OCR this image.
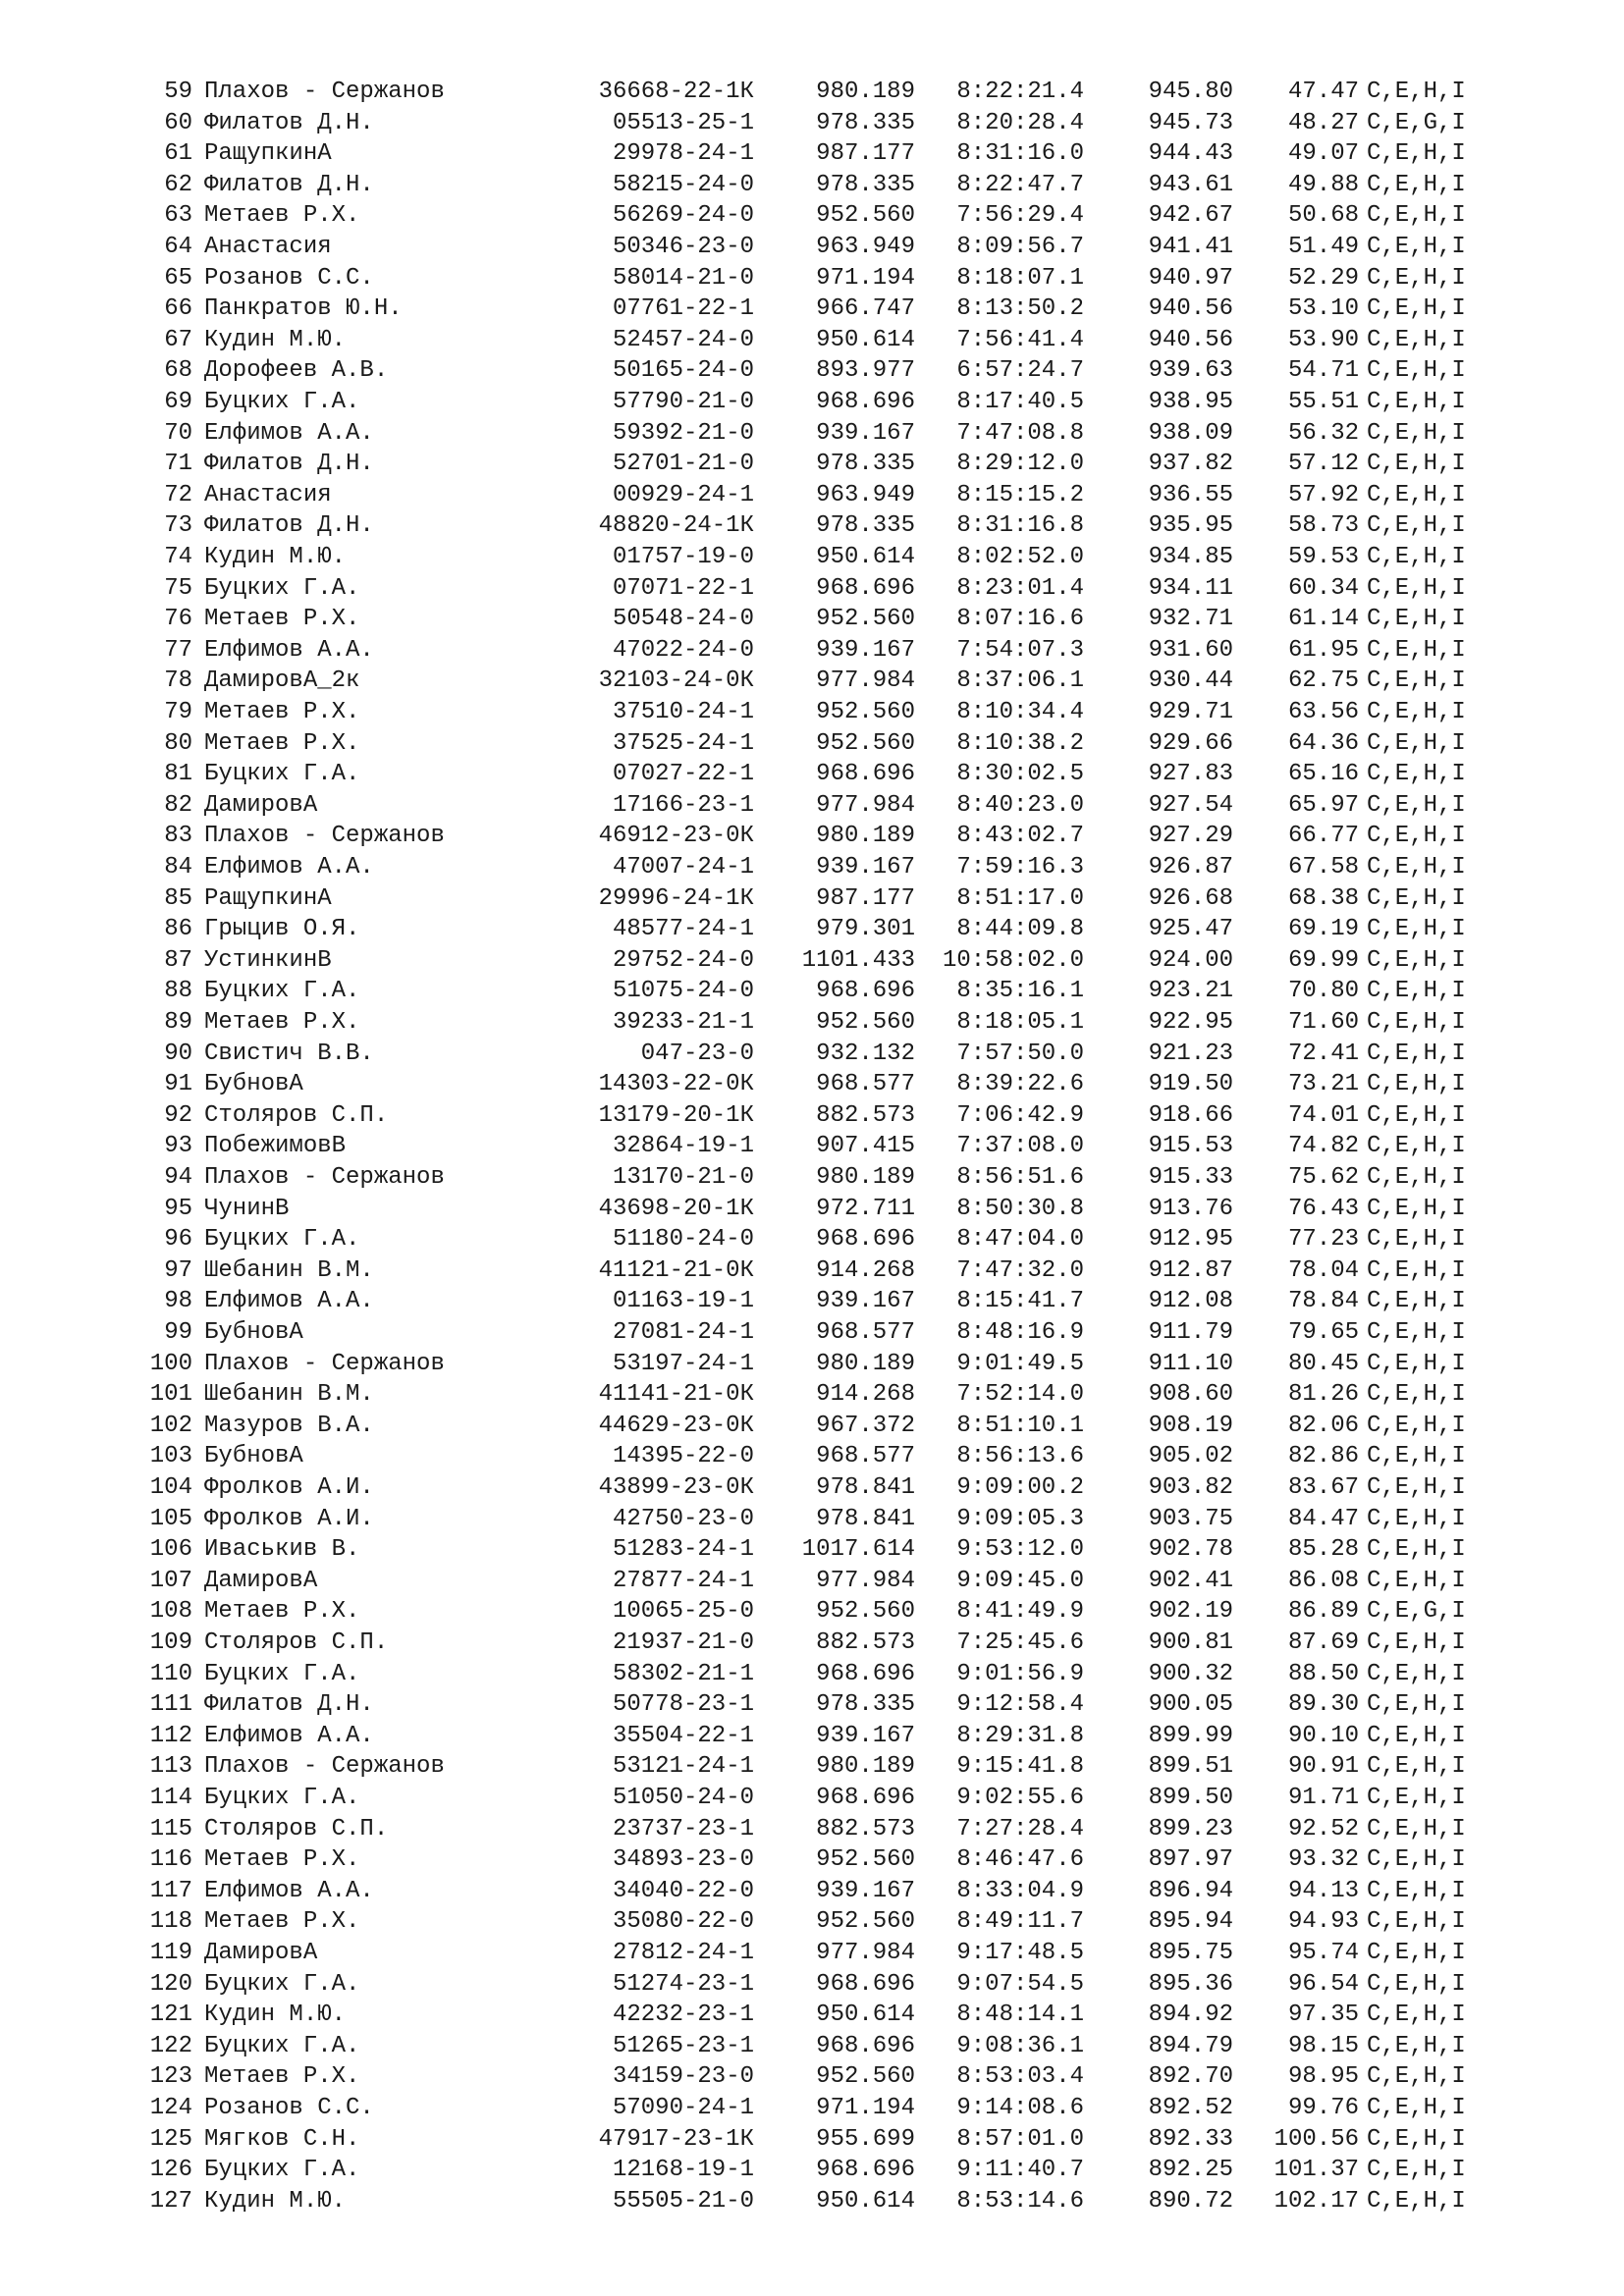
59 Плахов - Сержанов	36668-22-1К	980.189	8:22:21.4	945.80	47.47 C,E,H,I
60 Филатов Д.Н.	05513-25-1	978.335	8:20:28.4	945.73	48.27 C,E,G,I
61 РащупкинА	29978-24-1	987.177	8:31:16.0	944.43	49.07 C,E,H,I
62 Филатов Д.Н.	58215-24-0	978.335	8:22:47.7	943.61	49.88 C,E,H,I
63 Метаев Р.Х.	56269-24-0	952.560	7:56:29.4	942.67	50.68 C,E,H,I
64 Анастасия	50346-23-0	963.949	8:09:56.7	941.41	51.49 C,E,H,I
65 Розанов С.С.	58014-21-0	971.194	8:18:07.1	940.97	52.29 C,E,H,I
66 Панкратов Ю.Н.	07761-22-1	966.747	8:13:50.2	940.56	53.10 C,E,H,I
67 Кудин М.Ю.	52457-24-0	950.614	7:56:41.4	940.56	53.90 C,E,H,I
68 Дорофеев А.В.	50165-24-0	893.977	6:57:24.7	939.63	54.71 C,E,H,I
69 Буцких Г.А.	57790-21-0	968.696	8:17:40.5	938.95	55.51 C,E,H,I
70 Елфимов А.А.	59392-21-0	939.167	7:47:08.8	938.09	56.32 C,E,H,I
71 Филатов Д.Н.	52701-21-0	978.335	8:29:12.0	937.82	57.12 C,E,H,I
72 Анастасия	00929-24-1	963.949	8:15:15.2	936.55	57.92 C,E,H,I
73 Филатов Д.Н.	48820-24-1К	978.335	8:31:16.8	935.95	58.73 C,E,H,I
74 Кудин М.Ю.	01757-19-0	950.614	8:02:52.0	934.85	59.53 C,E,H,I
75 Буцких Г.А.	07071-22-1	968.696	8:23:01.4	934.11	60.34 C,E,H,I
76 Метаев Р.Х.	50548-24-0	952.560	8:07:16.6	932.71	61.14 C,E,H,I
77 Елфимов А.А.	47022-24-0	939.167	7:54:07.3	931.60	61.95 C,E,H,I
78 ДамировА_2к	32103-24-0К	977.984	8:37:06.1	930.44	62.75 C,E,H,I
79 Метаев Р.Х.	37510-24-1	952.560	8:10:34.4	929.71	63.56 C,E,H,I
80 Метаев Р.Х.	37525-24-1	952.560	8:10:38.2	929.66	64.36 C,E,H,I
81 Буцких Г.А.	07027-22-1	968.696	8:30:02.5	927.83	65.16 C,E,H,I
82 ДамировА	17166-23-1	977.984	8:40:23.0	927.54	65.97 C,E,H,I
83 Плахов - Сержанов	46912-23-0К	980.189	8:43:02.7	927.29	66.77 C,E,H,I
84 Елфимов А.А.	47007-24-1	939.167	7:59:16.3	926.87	67.58 C,E,H,I
85 РащупкинА	29996-24-1К	987.177	8:51:17.0	926.68	68.38 C,E,H,I
86 Грыцив О.Я.	48577-24-1	979.301	8:44:09.8	925.47	69.19 C,E,H,I
87 УстинкинВ	29752-24-0	1101.433	10:58:02.0	924.00	69.99 C,E,H,I
88 Буцких Г.А.	51075-24-0	968.696	8:35:16.1	923.21	70.80 C,E,H,I
89 Метаев Р.Х.	39233-21-1	952.560	8:18:05.1	922.95	71.60 C,E,H,I
90 Свистич В.В.	047-23-0	932.132	7:57:50.0	921.23	72.41 C,E,H,I
91 БубновА	14303-22-0К	968.577	8:39:22.6	919.50	73.21 C,E,H,I
92 Столяров С.П.	13179-20-1К	882.573	7:06:42.9	918.66	74.01 C,E,H,I
93 ПобежимовВ	32864-19-1	907.415	7:37:08.0	915.53	74.82 C,E,H,I
94 Плахов - Сержанов	13170-21-0	980.189	8:56:51.6	915.33	75.62 C,E,H,I
95 ЧунинВ	43698-20-1К	972.711	8:50:30.8	913.76	76.43 C,E,H,I
96 Буцких Г.А.	51180-24-0	968.696	8:47:04.0	912.95	77.23 C,E,H,I
97 Шебанин В.М.	41121-21-0К	914.268	7:47:32.0	912.87	78.04 C,E,H,I
98 Елфимов А.А.	01163-19-1	939.167	8:15:41.7	912.08	78.84 C,E,H,I
99 БубновА	27081-24-1	968.577	8:48:16.9	911.79	79.65 C,E,H,I
100 Плахов - Сержанов	53197-24-1	980.189	9:01:49.5	911.10	80.45 C,E,H,I
101 Шебанин В.М.	41141-21-0К	914.268	7:52:14.0	908.60	81.26 C,E,H,I
102 Мазуров В.А.	44629-23-0К	967.372	8:51:10.1	908.19	82.06 C,E,H,I
103 БубновА	14395-22-0	968.577	8:56:13.6	905.02	82.86 C,E,H,I
104 Фролков А.И.	43899-23-0К	978.841	9:09:00.2	903.82	83.67 C,E,H,I
105 Фролков А.И.	42750-23-0	978.841	9:09:05.3	903.75	84.47 C,E,H,I
106 Иваськив В.	51283-24-1	1017.614	9:53:12.0	902.78	85.28 C,E,H,I
107 ДамировА	27877-24-1	977.984	9:09:45.0	902.41	86.08 C,E,H,I
108 Метаев Р.Х.	10065-25-0	952.560	8:41:49.9	902.19	86.89 C,E,G,I
109 Столяров С.П.	21937-21-0	882.573	7:25:45.6	900.81	87.69 C,E,H,I
110 Буцких Г.А.	58302-21-1	968.696	9:01:56.9	900.32	88.50 C,E,H,I
111 Филатов Д.Н.	50778-23-1	978.335	9:12:58.4	900.05	89.30 C,E,H,I
112 Елфимов А.А.	35504-22-1	939.167	8:29:31.8	899.99	90.10 C,E,H,I
113 Плахов - Сержанов	53121-24-1	980.189	9:15:41.8	899.51	90.91 C,E,H,I
114 Буцких Г.А.	51050-24-0	968.696	9:02:55.6	899.50	91.71 C,E,H,I
115 Столяров С.П.	23737-23-1	882.573	7:27:28.4	899.23	92.52 C,E,H,I
116 Метаев Р.Х.	34893-23-0	952.560	8:46:47.6	897.97	93.32 C,E,H,I
117 Елфимов А.А.	34040-22-0	939.167	8:33:04.9	896.94	94.13 C,E,H,I
118 Метаев Р.Х.	35080-22-0	952.560	8:49:11.7	895.94	94.93 C,E,H,I
119 ДамировА	27812-24-1	977.984	9:17:48.5	895.75	95.74 C,E,H,I
120 Буцких Г.А.	51274-23-1	968.696	9:07:54.5	895.36	96.54 C,E,H,I
121 Кудин М.Ю.	42232-23-1	950.614	8:48:14.1	894.92	97.35 C,E,H,I
122 Буцких Г.А.	51265-23-1	968.696	9:08:36.1	894.79	98.15 C,E,H,I
123 Метаев Р.Х.	34159-23-0	952.560	8:53:03.4	892.70	98.95 C,E,H,I
124 Розанов С.С.	57090-24-1	971.194	9:14:08.6	892.52	99.76 C,E,H,I
125 Мягков С.Н.	47917-23-1К	955.699	8:57:01.0	892.33	100.56 C,E,H,I
126 Буцких Г.А.	12168-19-1	968.696	9:11:40.7	892.25	101.37 C,E,H,I
127 Кудин М.Ю.	55505-21-0	950.614	8:53:14.6	890.72	102.17 C,E,H,I
